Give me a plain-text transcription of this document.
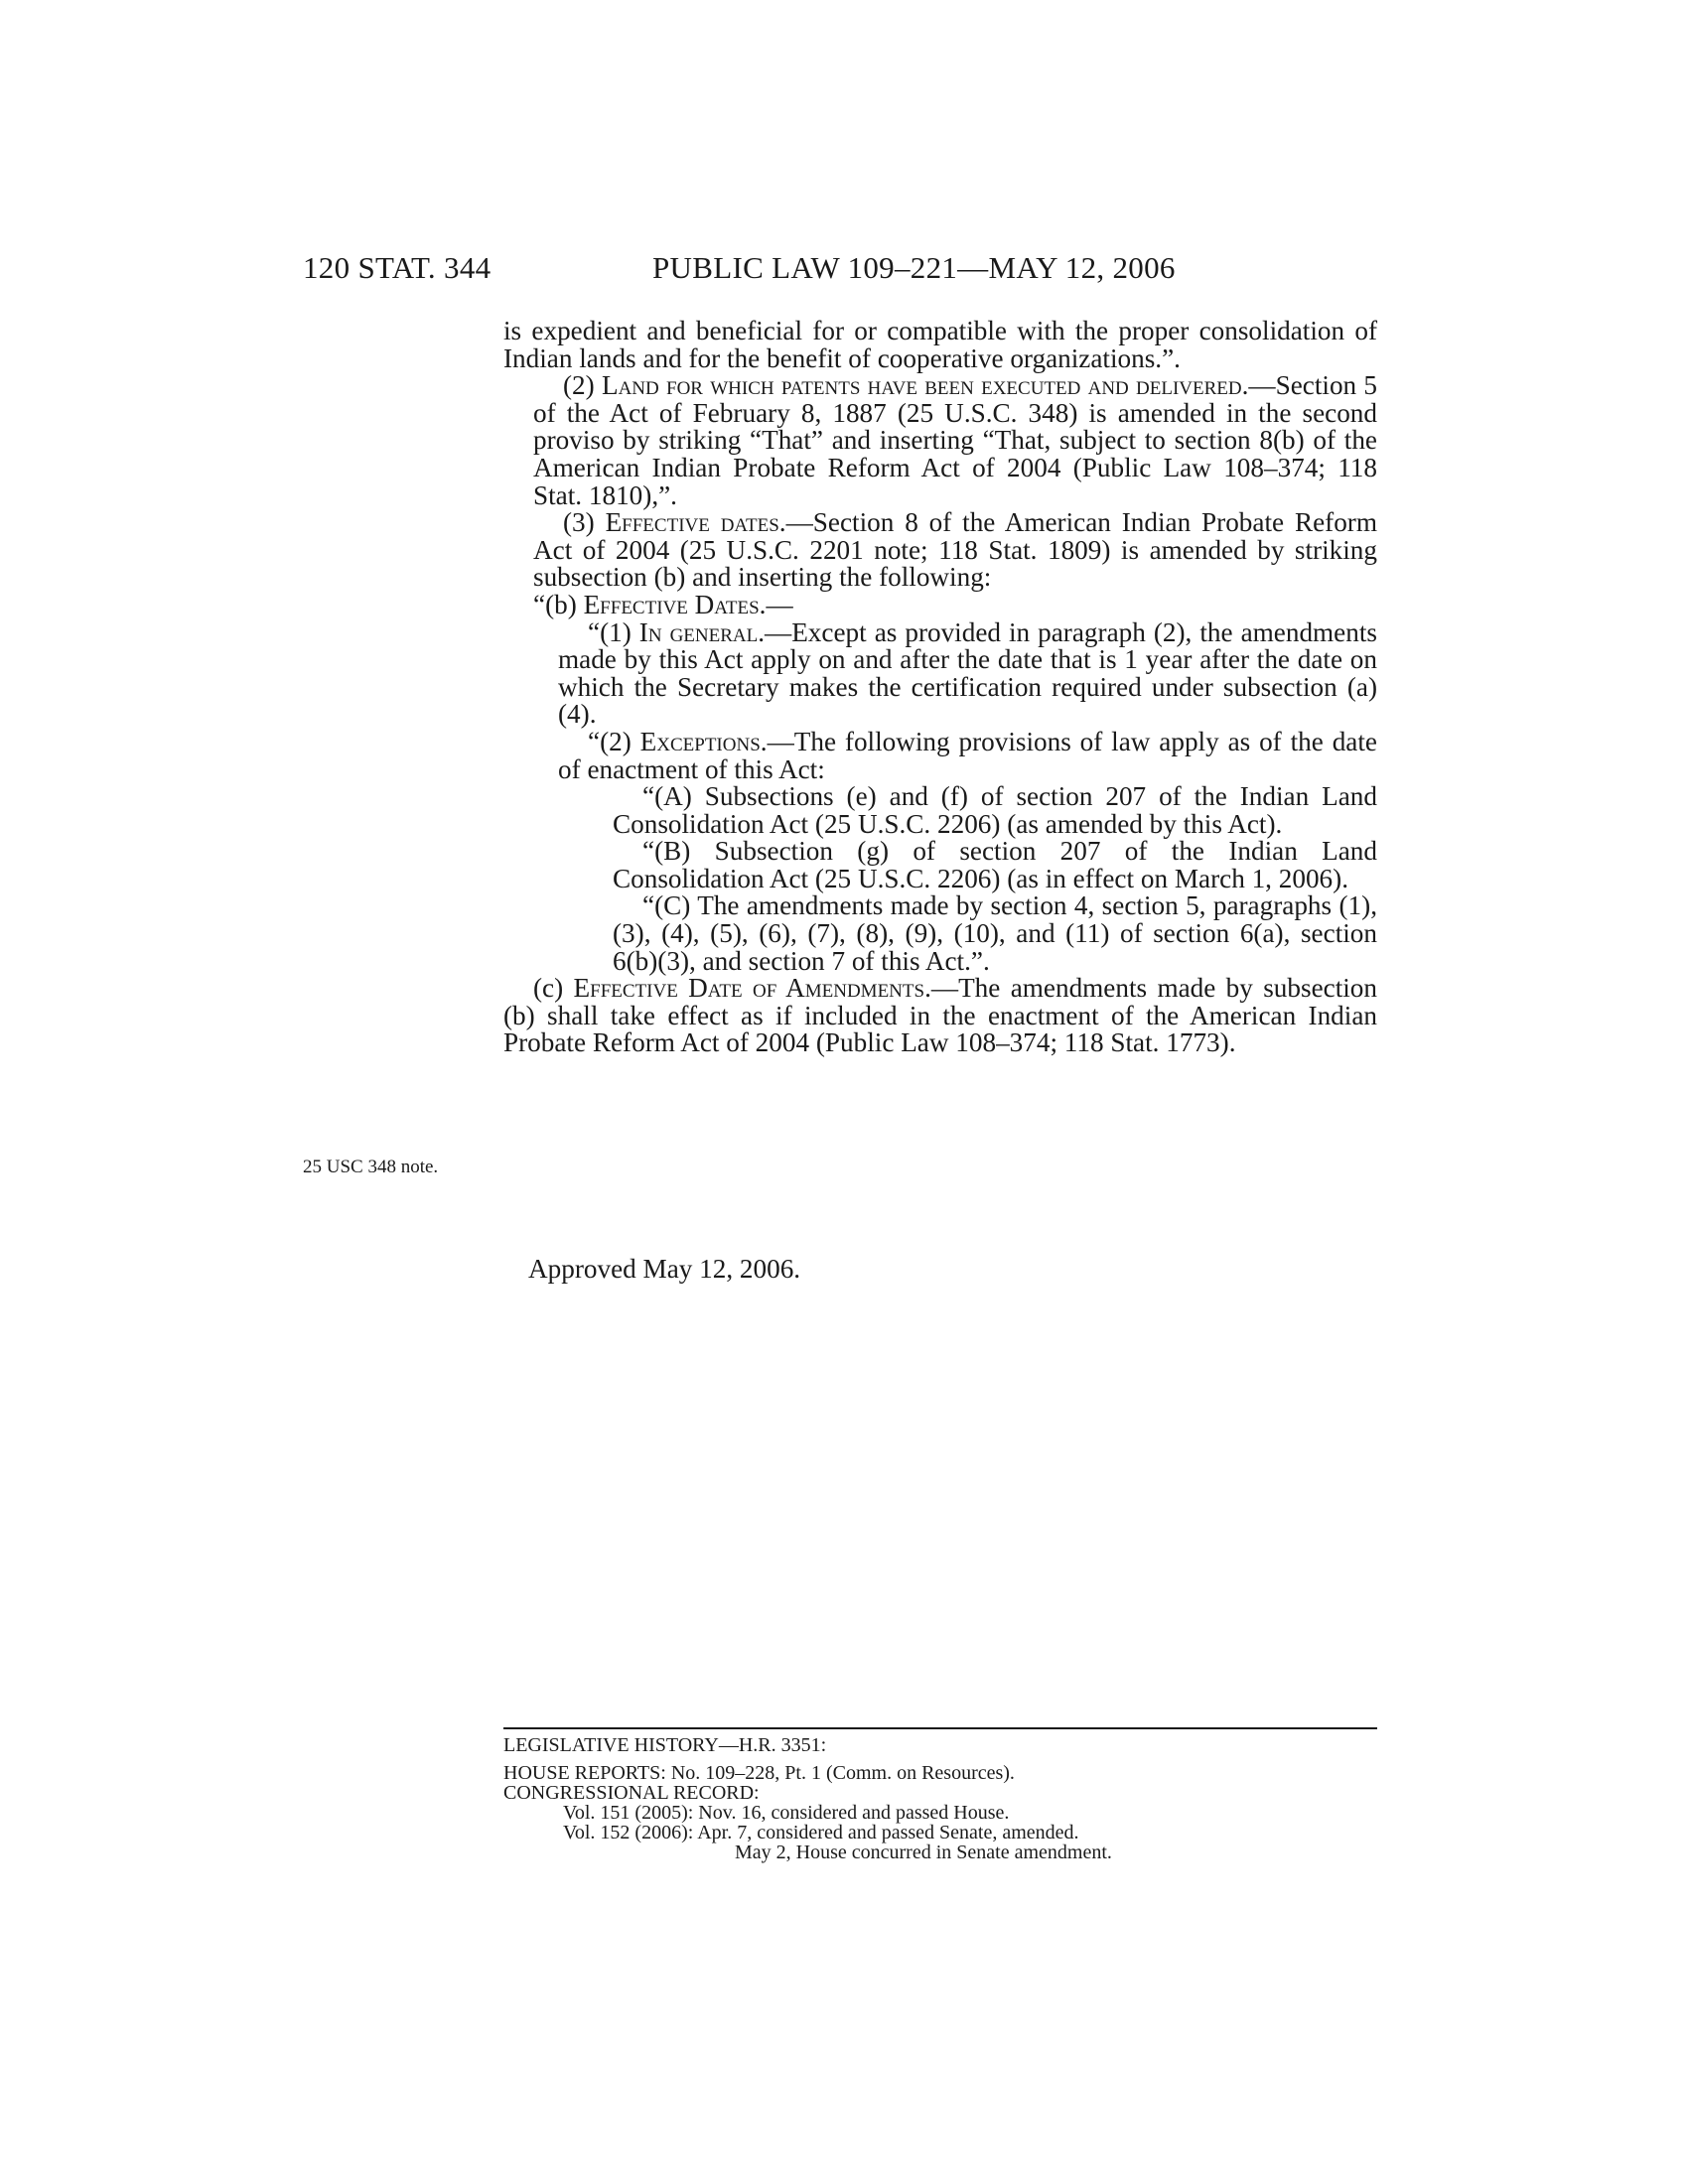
120 STAT. 344	PUBLIC LAW 109–221—MAY 12, 2006

is expedient and beneficial for or compatible with the proper consolidation of Indian lands and for the benefit of cooperative organizations.”.

(2) Land for which patents have been executed and delivered.—Section 5 of the Act of February 8, 1887 (25 U.S.C. 348) is amended in the second proviso by striking “That” and inserting “That, subject to section 8(b) of the American Indian Probate Reform Act of 2004 (Public Law 108–374; 118 Stat. 1810),”.

(3) Effective dates.—Section 8 of the American Indian Probate Reform Act of 2004 (25 U.S.C. 2201 note; 118 Stat. 1809) is amended by striking subsection (b) and inserting the following:

“(b) Effective Dates.—

“(1) In general.—Except as provided in paragraph (2), the amendments made by this Act apply on and after the date that is 1 year after the date on which the Secretary makes the certification required under subsection (a)(4).

“(2) Exceptions.—The following provisions of law apply as of the date of enactment of this Act:

“(A) Subsections (e) and (f) of section 207 of the Indian Land Consolidation Act (25 U.S.C. 2206) (as amended by this Act).

“(B) Subsection (g) of section 207 of the Indian Land Consolidation Act (25 U.S.C. 2206) (as in effect on March 1, 2006).

“(C) The amendments made by section 4, section 5, paragraphs (1), (3), (4), (5), (6), (7), (8), (9), (10), and (11) of section 6(a), section 6(b)(3), and section 7 of this Act.”.

(c) Effective Date of Amendments.—The amendments made by subsection (b) shall take effect as if included in the enactment of the American Indian Probate Reform Act of 2004 (Public Law 108–374; 118 Stat. 1773).

25 USC 348 note.
Approved May 12, 2006.
LEGISLATIVE HISTORY—H.R. 3351:
HOUSE REPORTS: No. 109–228, Pt. 1 (Comm. on Resources).
CONGRESSIONAL RECORD:
Vol. 151 (2005): Nov. 16, considered and passed House.
Vol. 152 (2006): Apr. 7, considered and passed Senate, amended.
May 2, House concurred in Senate amendment.
